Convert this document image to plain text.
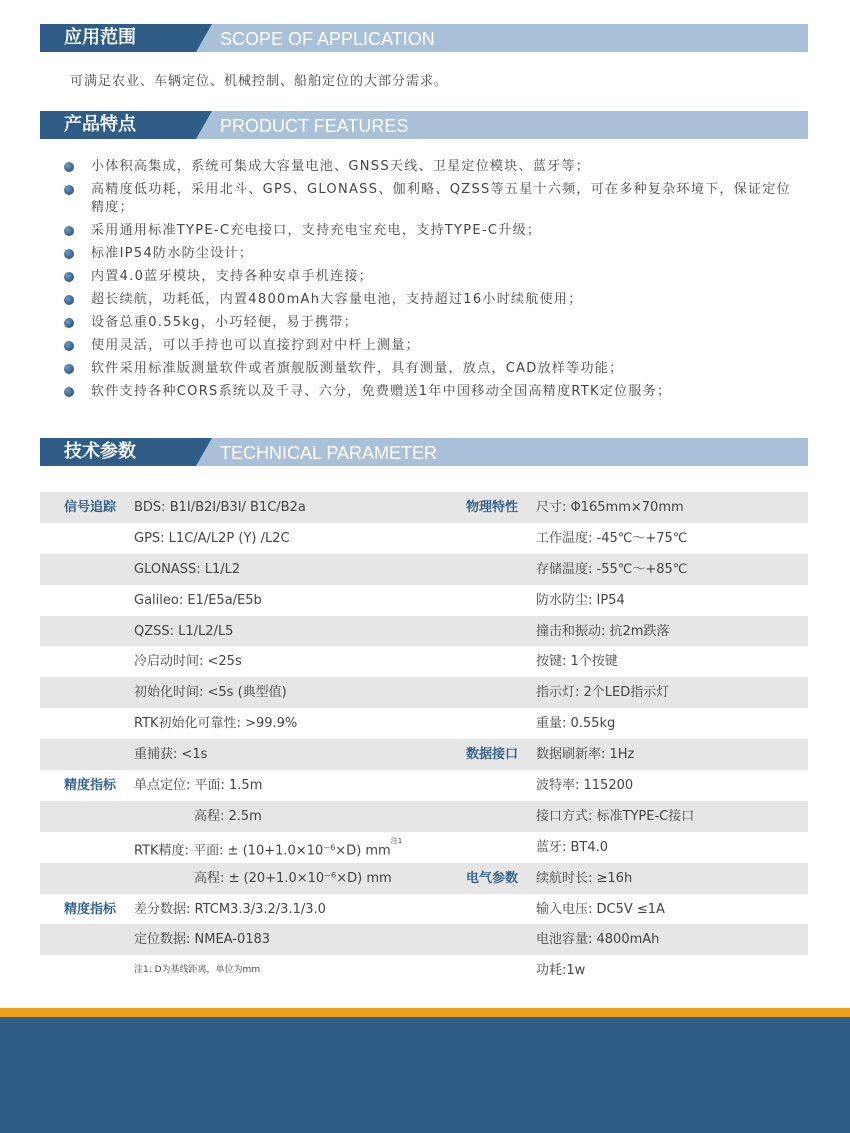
应用范围	SCOPE OF APPLICATION
可满足农业、车辆定位、机械控制、船舶定位的大部分需求。
产品特点	PRODUCT FEATURES
小体积高集成，系统可集成大容量电池、GNSS天线、卫星定位模块、蓝牙等；
高精度低功耗，采用北斗、GPS、GLONASS、伽利略、QZSS等五星十六频，可在多种复杂环境下，保证定位精度；
采用通用标准TYPE-C充电接口，支持充电宝充电，支持TYPE-C升级；
标准IP54防水防尘设计；
内置4.0蓝牙模块，支持各种安卓手机连接；
超长续航，功耗低，内置4800mAh大容量电池，支持超过16小时续航使用；
设备总重0.55kg，小巧轻便，易于携带；
使用灵活，可以手持也可以直接拧到对中杆上测量；
软件采用标准版测量软件或者旗舰版测量软件，具有测量，放点，CAD放样等功能；
软件支持各种CORS系统以及千寻、六分，免费赠送1年中国移动全国高精度RTK定位服务；
技术参数	TECHNICAL PARAMETER
信号追踪 BDS: B1I/B2I/B3I/ B1C/B2a	物理特性 尺寸: Φ165mm×70mm
GPS: L1C/A/L2P (Y) /L2C	工作温度: -45℃～+75℃
GLONASS: L1/L2	存储温度: -55℃～+85℃
Galileo: E1/E5a/E5b	防水防尘: IP54
QZSS: L1/L2/L5	撞击和振动: 抗2m跌落
冷启动时间: <25s	按键: 1个按键
初始化时间: <5s (典型值)	指示灯: 2个LED指示灯
RTK初始化可靠性: >99.9%	重量: 0.55kg
重捕获: <1s	数据接口 数据刷新率: 1Hz
精度指标 单点定位: 平面: 1.5m	波特率: 115200
高程: 2.5m	接口方式: 标准TYPE-C接口
RTK精度: 平面: ± (10+1.0×10⁻⁶×D) $mm^{注1}$	蓝牙: BT4.0
高程: ± (20+1.0×10⁻⁶×D) mm	电气参数 续航时长: ≥16h
精度指标 差分数据: RTCM3.3/3.2/3.1/3.0	输入电压: DC5V ≤1A
定位数据: NMEA-0183	电池容量: 4800mAh
注1: D为基线距离，单位为mm	功耗:1w
